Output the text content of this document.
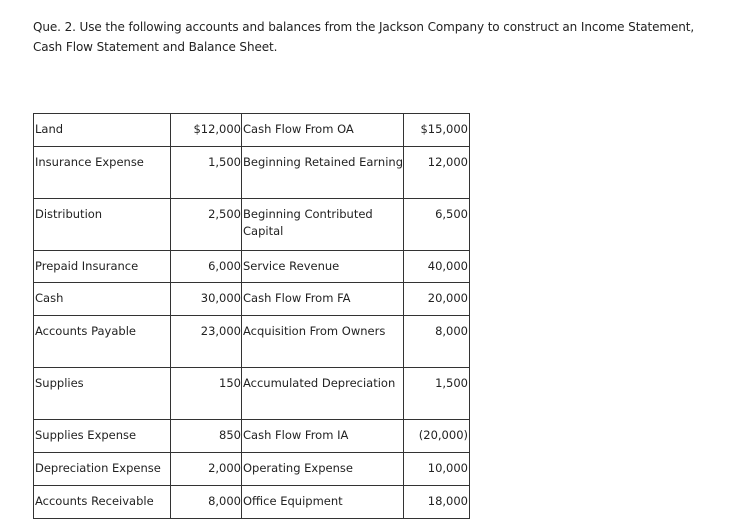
Que. 2. Use the following accounts and balances from the Jackson Company to construct an Income Statement,
Cash Flow Statement and Balance Sheet.
Land	$12,000	Cash Flow From OA	$15,000
Insurance Expense	1,500	Beginning Retained Earning	12,000
Distribution	2,500	Beginning Contributed Capital	6,500
Prepaid Insurance	6,000	Service Revenue	40,000
Cash	30,000	Cash Flow From FA	20,000
Accounts Payable	23,000	Acquisition From Owners	8,000
Supplies	150	Accumulated Depreciation	1,500
Supplies Expense	850	Cash Flow From IA	(20,000)
Depreciation Expense	2,000	Operating Expense	10,000
Accounts Receivable	8,000	Office Equipment	18,000
